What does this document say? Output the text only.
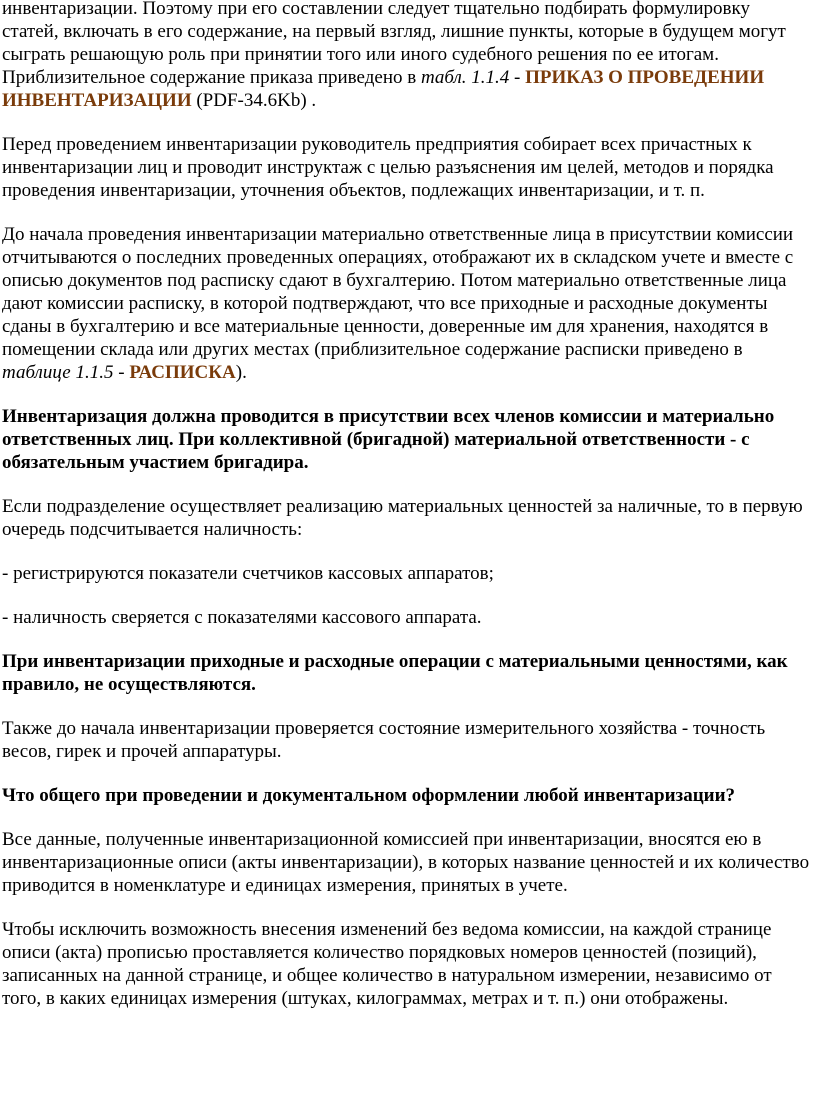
инвентаризации. Поэтому при его составлении следует тщательно подбирать формулировку статей, включать в его содержание, на первый взгляд, лишние пункты, которые в будущем могут сыграть решающую роль при принятии того или иного судебного решения по ее итогам. Приблизительное содержание приказа приведено в табл. 1.1.4 - ПРИКАЗ О ПРОВЕДЕНИИ ИНВЕНТАРИЗАЦИИ (PDF-34.6Kb) .

Перед проведением инвентаризации руководитель предприятия собирает всех причастных к инвентаризации лиц и проводит инструктаж с целью разъяснения им целей, методов и порядка проведения инвентаризации, уточнения объектов, подлежащих инвентаризации, и т. п.

До начала проведения инвентаризации материально ответственные лица в присутствии комиссии отчитываются о последних проведенных операциях, отображают их в складском учете и вместе с описью документов под расписку сдают в бухгалтерию. Потом материально ответственные лица дают комиссии расписку, в которой подтверждают, что все приходные и расходные документы сданы в бухгалтерию и все материальные ценности, доверенные им для хранения, находятся в помещении склада или других местах (приблизительное содержание расписки приведено в таблице 1.1.5 - РАСПИСКА).

Инвентаризация должна проводится в присутствии всех членов комиссии и материально ответственных лиц. При коллективной (бригадной) материальной ответственности - с обязательным участием бригадира.

Если подразделение осуществляет реализацию материальных ценностей за наличные, то в первую очередь подсчитывается наличность:

- регистрируются показатели счетчиков кассовых аппаратов;

- наличность сверяется с показателями кассового аппарата.

При инвентаризации приходные и расходные операции с материальными ценностями, как правило, не осуществляются.

Также до начала инвентаризации проверяется состояние измерительного хозяйства - точность весов, гирек и прочей аппаратуры.

Что общего при проведении и документальном оформлении любой инвентаризации?

Все данные, полученные инвентаризационной комиссией при инвентаризации, вносятся ею в инвентаризационные описи (акты инвентаризации), в которых название ценностей и их количество приводится в номенклатуре и единицах измерения, принятых в учете.

Чтобы исключить возможность внесения изменений без ведома комиссии, на каждой странице описи (акта) прописью проставляется количество порядковых номеров ценностей (позиций), записанных на данной странице, и общее количество в натуральном измерении, независимо от того, в каких единицах измерения (штуках, килограммах, метрах и т. п.) они отображены.
